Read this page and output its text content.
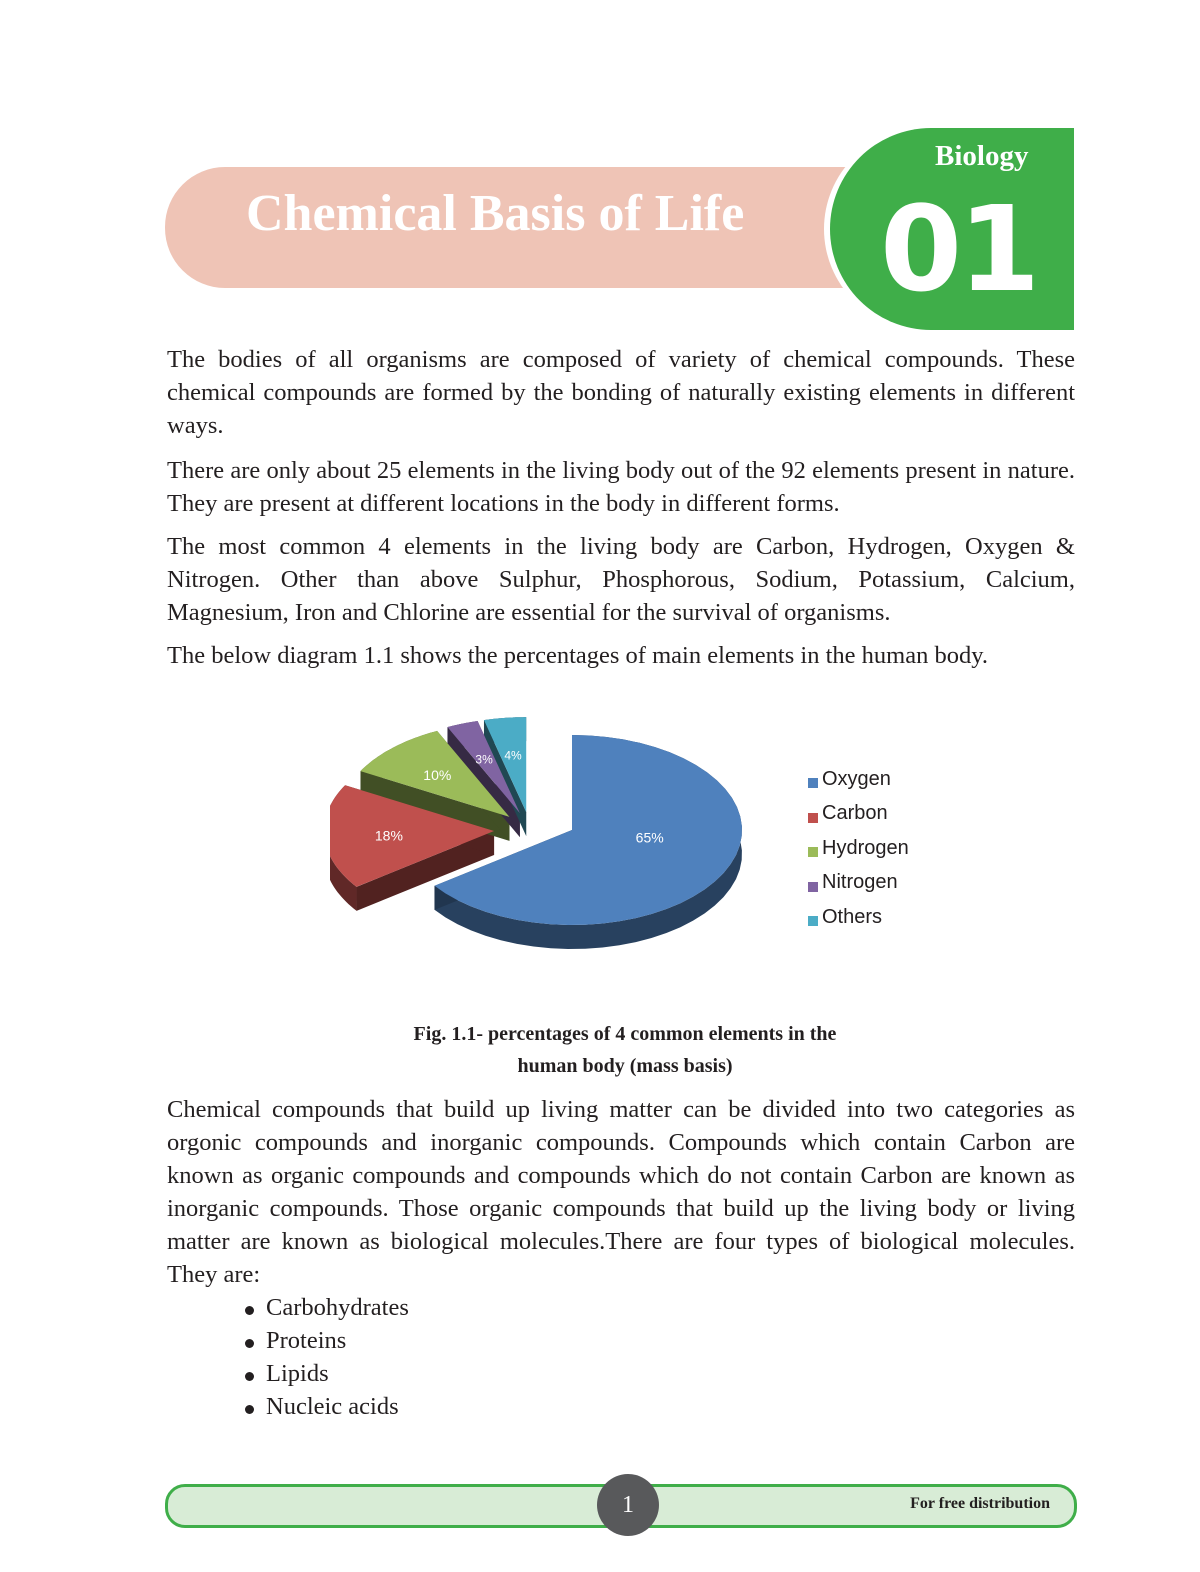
Chemical Basis of Life
Biology
01

The bodies of all organisms are composed of variety of chemical compounds. These chemical compounds are formed by the bonding of naturally existing elements in different ways.

There are only about 25 elements in the living body out of the 92 elements present in nature. They are present at different locations in the body in different forms.

The most common 4 elements in the living body are Carbon, Hydrogen, Oxygen & Nitrogen. Other than above Sulphur, Phosphorous, Sodium, Potassium, Calcium, Magnesium, Iron and Chlorine are essential for the survival of organisms.

The below diagram 1.1 shows the percentages of main elements in the human body.

65%
18%
10%
3% 4%
Oxygen
Carbon
Hydrogen
Nitrogen
Others
Fig. 1.1- percentages of 4 common elements in the
human body (mass basis)

Chemical compounds that build up living matter can be divided into two categories as orgonic compounds and inorganic compounds. Compounds which contain Carbon are known as organic compounds and compounds which do not contain Carbon are known as inorganic compounds. Those organic compounds that build up the living body or living matter are known as biological molecules.There are four types of biological molecules. They are:

Carbohydrates
Proteins
Lipids
Nucleic acids
For free distribution
1
